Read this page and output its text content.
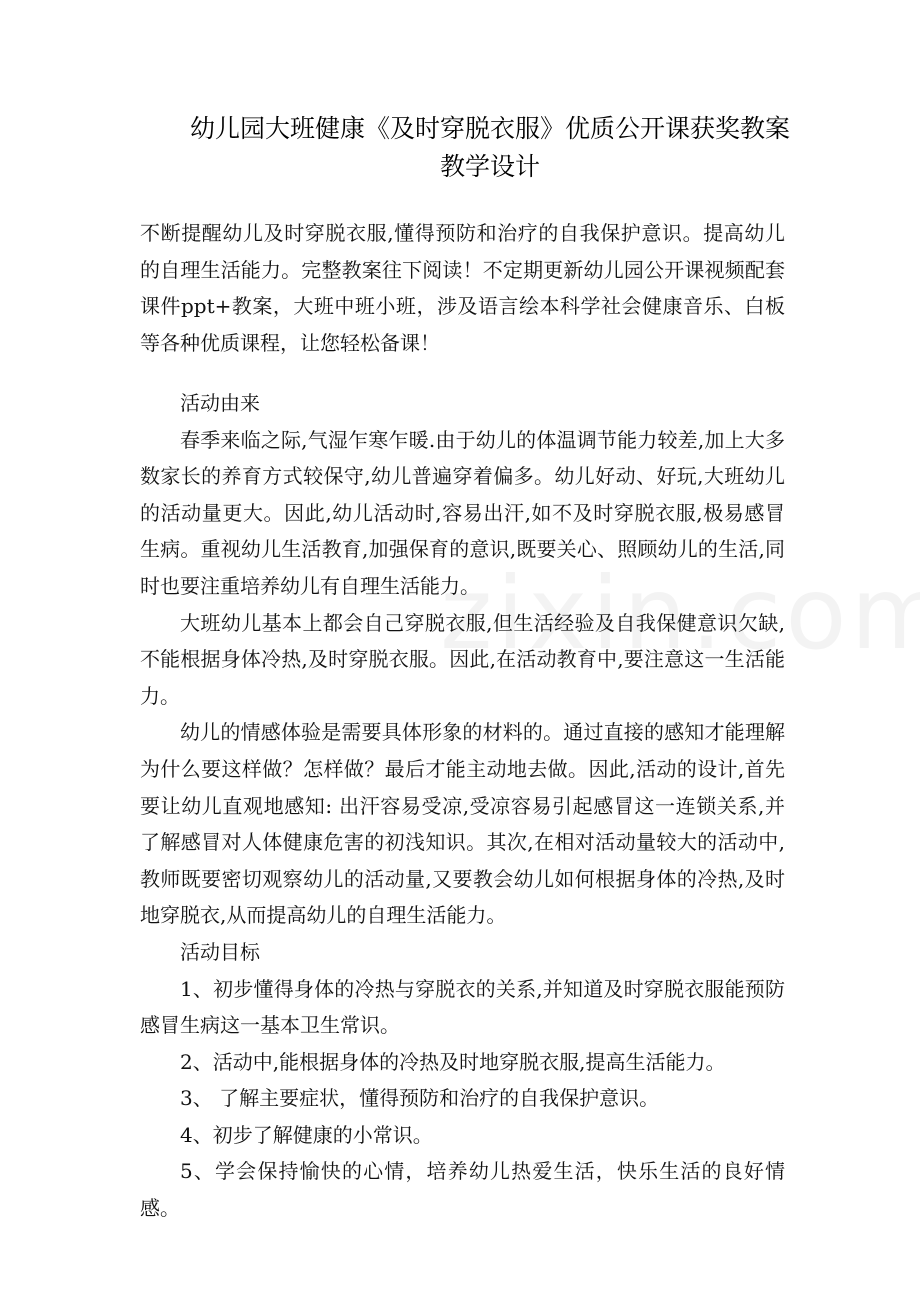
幼儿园大班健康《及时穿脱衣服》优质公开课获奖教案
教学设计

不断提醒幼儿及时穿脱衣服,懂得预防和治疗的自我保护意识。提高幼儿的自理生活能力。完整教案往下阅读！不定期更新幼儿园公开课视频配套课件ppt+教案，大班中班小班，涉及语言绘本科学社会健康音乐、白板等各种优质课程，让您轻松备课！

活动由来

春季来临之际,气湿乍寒乍暖.由于幼儿的体温调节能力较差,加上大多数家长的养育方式较保守,幼儿普遍穿着偏多。幼儿好动、好玩,大班幼儿的活动量更大。因此,幼儿活动时,容易出汗,如不及时穿脱衣服,极易感冒生病。重视幼儿生活教育,加强保育的意识,既要关心、照顾幼儿的生活,同时也要注重培养幼儿有自理生活能力。

大班幼儿基本上都会自己穿脱衣服,但生活经验及自我保健意识欠缺,不能根据身体冷热,及时穿脱衣服。因此,在活动教育中,要注意这一生活能力。

幼儿的情感体验是需要具体形象的材料的。通过直接的感知才能理解为什么要这样做？怎样做？最后才能主动地去做。因此,活动的设计,首先要让幼儿直观地感知: 出汗容易受凉,受凉容易引起感冒这一连锁关系,并了解感冒对人体健康危害的初浅知识。其次,在相对活动量较大的活动中,教师既要密切观察幼儿的活动量,又要教会幼儿如何根据身体的冷热,及时地穿脱衣,从而提高幼儿的自理生活能力。

活动目标

1、初步懂得身体的冷热与穿脱衣的关系,并知道及时穿脱衣服能预防感冒生病这一基本卫生常识。

2、活动中,能根据身体的冷热及时地穿脱衣服,提高生活能力。

3、 了解主要症状，懂得预防和治疗的自我保护意识。

4、初步了解健康的小常识。

5、学会保持愉快的心情，培养幼儿热爱生活，快乐生活的良好情感。
